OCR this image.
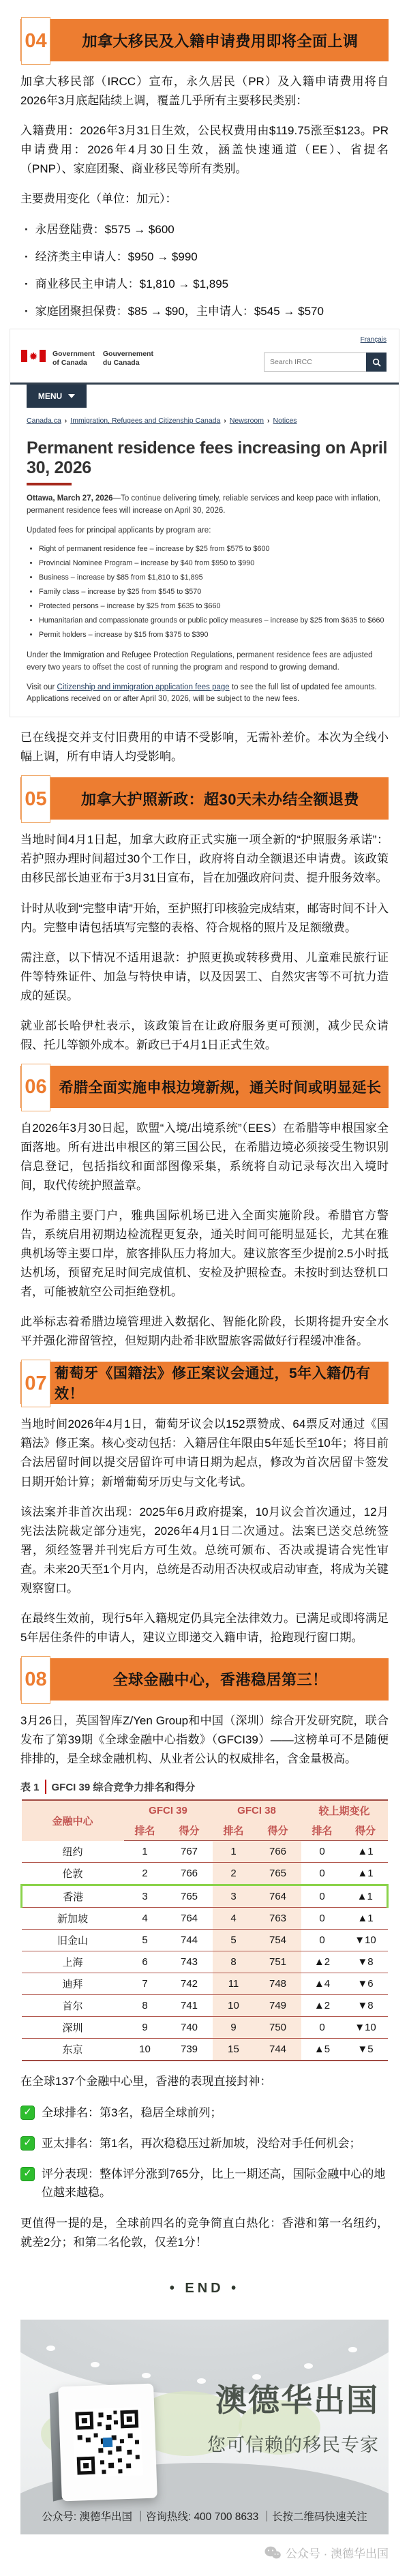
04	加拿大移民及入籍申请费用即将全面上调

加拿大移民部（IRCC）宣布，永久居民（PR）及入籍申请费用将自2026年3月底起陆续上调，覆盖几乎所有主要移民类别：

入籍费用：2026年3月31日生效，公民权费用由$119.75涨至$123。PR申请费用：2026年4月30日生效，涵盖快速通道（EE）、省提名（PNP）、家庭团聚、商业移民等所有类别。

主要费用变化（单位：加元）：

· 永居登陆费：$575 → $600
· 经济类主申请人：$950 → $990
· 商业移民主申请人：$1,810 → $1,895
· 家庭团聚担保费：$85 → $90，主申请人：$545 → $570
Français
Government
of Canada
Gouvernement
du Canada
Search IRCC
MENU
Canada.ca › Immigration, Refugees and Citizenship Canada › Newsroom › Notices
Permanent residence fees increasing on April 30, 2026

Ottawa, March 27, 2026—To continue delivering timely, reliable services and keep pace with inflation, permanent residence fees will increase on April 30, 2026.

Updated fees for principal applicants by program are:

• Right of permanent residence fee – increase by $25 from $575 to $600
• Provincial Nominee Program – increase by $40 from $950 to $990
• Business – increase by $85 from $1,810 to $1,895
• Family class – increase by $25 from $545 to $570
• Protected persons – increase by $25 from $635 to $660
• Humanitarian and compassionate grounds or public policy measures – increase by $25 from $635 to $660
• Permit holders – increase by $15 from $375 to $390

Under the Immigration and Refugee Protection Regulations, permanent residence fees are adjusted every two years to offset the cost of running the program and respond to growing demand.

Visit our Citizenship and immigration application fees page to see the full list of updated fee amounts. Applications received on or after April 30, 2026, will be subject to the new fees.

已在线提交并支付旧费用的申请不受影响，无需补差价。本次为全线小幅上调，所有申请人均受影响。

05	加拿大护照新政：超30天未办结全额退费

当地时间4月1日起，加拿大政府正式实施一项全新的“护照服务承诺”：若护照办理时间超过30个工作日，政府将自动全额退还申请费。该政策由移民部长迪亚布于3月31日宣布，旨在加强政府问责、提升服务效率。

计时从收到“完整申请”开始，至护照打印核验完成结束，邮寄时间不计入内。完整申请包括填写完整的表格、符合规格的照片及足额缴费。

需注意，以下情况不适用退款：护照更换或转移费用、儿童难民旅行证件等特殊证件、加急与特快申请，以及因罢工、自然灾害等不可抗力造成的延误。

就业部长哈伊杜表示，该政策旨在让政府服务更可预测，减少民众请假、托儿等额外成本。新政已于4月1日正式生效。

06 希腊全面实施申根边境新规，通关时间或明显延长

自2026年3月30日起，欧盟“入境/出境系统”（EES）在希腊等申根国家全面落地。所有进出申根区的第三国公民，在希腊边境必须接受生物识别信息登记，包括指纹和面部图像采集，系统将自动记录每次出入境时间，取代传统护照盖章。

作为希腊主要门户，雅典国际机场已进入全面实施阶段。希腊官方警告，系统启用初期边检流程更复杂，通关时间可能明显延长，尤其在雅典机场等主要口岸，旅客排队压力将加大。建议旅客至少提前2.5小时抵达机场，预留充足时间完成值机、安检及护照检查。未按时到达登机口者，可能被航空公司拒绝登机。

此举标志着希腊边境管理进入数据化、智能化阶段，长期将提升安全水平并强化滞留管控，但短期内赴希非欧盟旅客需做好行程缓冲准备。

07 葡萄牙《国籍法》修正案议会通过，5年入籍仍有效！

当地时间2026年4月1日，葡萄牙议会以152票赞成、64票反对通过《国籍法》修正案。核心变动包括：入籍居住年限由5年延长至10年；将目前合法居留时间以提交居留许可申请日期为起点，修改为首次居留卡签发日期开始计算；新增葡萄牙历史与文化考试。

该法案并非首次出现：2025年6月政府提案，10月议会首次通过，12月宪法法院裁定部分违宪，2026年4月1日二次通过。法案已送交总统签署，须经签署并刊宪后方可生效。总统可颁布、否决或提请合宪性审查。未来20天至1个月内，总统是否动用否决权或启动审查，将成为关键观察窗口。

在最终生效前，现行5年入籍规定仍具完全法律效力。已满足或即将满足5年居住条件的申请人，建议立即递交入籍申请，抢跑现行窗口期。

08	全球金融中心，香港稳居第三！

3月26日，英国智库Z/Yen Group和中国（深圳）综合开发研究院，联合发布了第39期《全球金融中心指数》（GFCI39）——这榜单可不是随便排排的，是全球金融机构、从业者公认的权威排名，含金量极高。

表 1	GFCI 39 综合竞争力排名和得分
金融中心	GFCI 39		GFCI 38		较上期变化	
	排名	得分	排名	得分	排名	得分
纽约	1	767	1	766	0	▲1
伦敦	2	766	2	765	0	▲1
香港	3	765	3	764	0	▲1
新加坡	4	764	4	763	0	▲1
旧金山	5	744	5	754	0	▼10
上海	6	743	8	751	▲2	▼8
迪拜	7	742	11	748	▲4	▼6
首尔	8	741	10	749	▲2	▼8
深圳	9	740	9	750	0	▼10
东京	10	739	15	744	▲5	▼5

在全球137个金融中心里，香港的表现直接封神：

✓ 全球排名：第3名，稳居全球前列；
✓ 亚太排名：第1名，再次稳稳压过新加坡，没给对手任何机会；
✓ 评分表现：整体评分涨到765分，比上一期还高，国际金融中心的地位越来越稳。

更值得一提的是，全球前四名的竞争简直白热化：香港和第一名纽约，就差2分；和第二名伦敦，仅差1分！

• END •
澳德华出国
您可信赖的移民专家
公众号: 澳德华出国 ｜咨询热线: 400 700 8633 ｜长按二维码快速关注
公众号 · 澳德华出国
